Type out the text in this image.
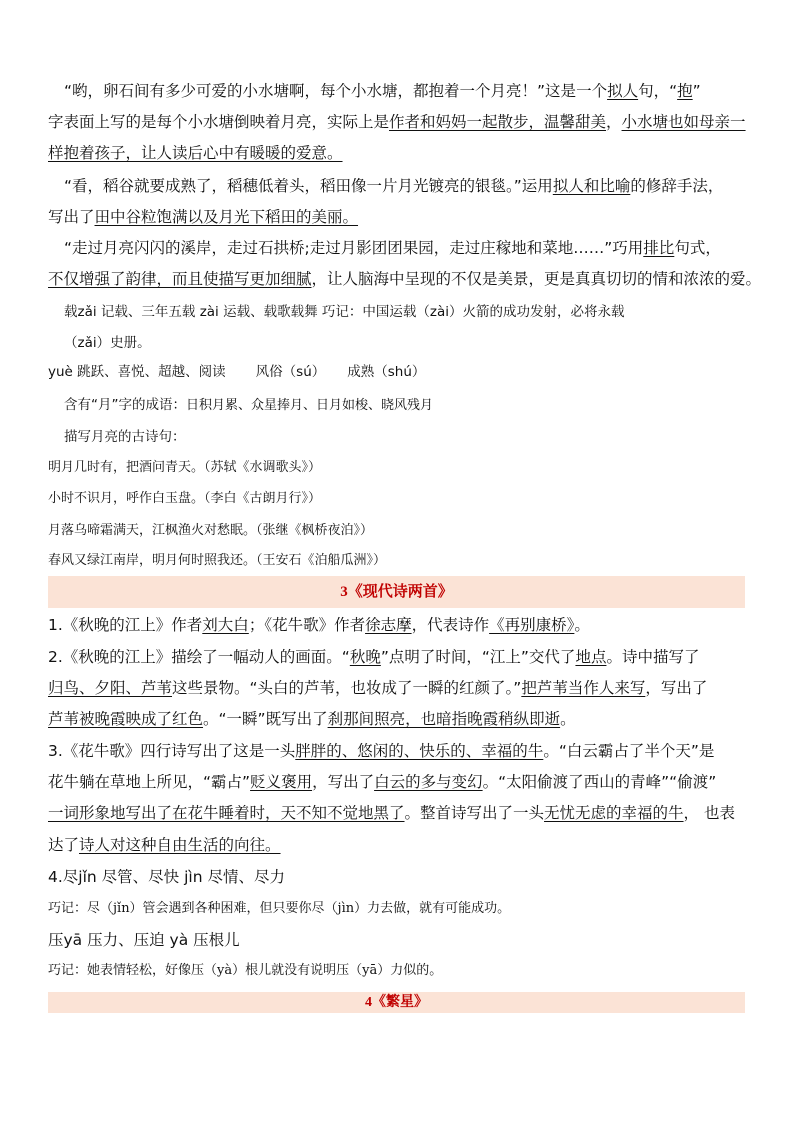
“哟，卵石间有多少可爱的小水塘啊，每个小水塘，都抱着一个月亮！”这是一个拟人句，“抱”
字表面上写的是每个小水塘倒映着月亮，实际上是作者和妈妈一起散步，温馨甜美，小水塘也如母亲一
样抱着孩子，让人读后心中有暖暖的爱意。
“看，稻谷就要成熟了，稻穗低着头，稻田像一片月光镀亮的银毯。”运用拟人和比喻的修辞手法，
写出了田中谷粒饱满以及月光下稻田的美丽。
“走过月亮闪闪的溪岸，走过石拱桥;走过月影团团果园，走过庄稼地和菜地……”巧用排比句式，
不仅增强了韵律，而且使描写更加细腻，让人脑海中呈现的不仅是美景，更是真真切切的情和浓浓的爱。
载zǎi 记载、三年五载 zài 运载、载歌载舞 巧记：中国运载（zài）火箭的成功发射，必将永载
（zǎi）史册。
yuè 跳跃、喜悦、超越、阅读 风俗（sú） 成熟（shú）
含有“月”字的成语：日积月累、众星捧月、日月如梭、晓风残月
描写月亮的古诗句：
明月几时有，把酒问青天。（苏轼《水调歌头》）
小时不识月，呼作白玉盘。（李白《古朗月行》）
月落乌啼霜满天，江枫渔火对愁眠。（张继《枫桥夜泊》）
春风又绿江南岸，明月何时照我还。（王安石《泊船瓜洲》）
3《现代诗两首》
1.《秋晚的江上》作者刘大白；《花牛歌》作者徐志摩，代表诗作《再别康桥》。
2.《秋晚的江上》描绘了一幅动人的画面。“秋晚”点明了时间，“江上”交代了地点。诗中描写了
归鸟、夕阳、芦苇这些景物。“头白的芦苇，也妆成了一瞬的红颜了。”把芦苇当作人来写，写出了
芦苇被晚霞映成了红色。“一瞬”既写出了刹那间照亮，也暗指晚霞稍纵即逝。
3.《花牛歌》四行诗写出了这是一头胖胖的、悠闲的、快乐的、幸福的牛。“白云霸占了半个天”是
花牛躺在草地上所见，“霸占”贬义褒用，写出了白云的多与变幻。“太阳偷渡了西山的青峰”“偷渡”
一词形象地写出了在花牛睡着时，天不知不觉地黑了。整首诗写出了一头无忧无虑的幸福的牛， 也表
达了诗人对这种自由生活的向往。
4.尽jǐn 尽管、尽快 jìn 尽情、尽力
巧记：尽（jǐn）管会遇到各种困难，但只要你尽（jìn）力去做，就有可能成功。
压yā 压力、压迫 yà 压根儿
巧记：她表情轻松，好像压（yà）根儿就没有说明压（yā）力似的。
4《繁星》
